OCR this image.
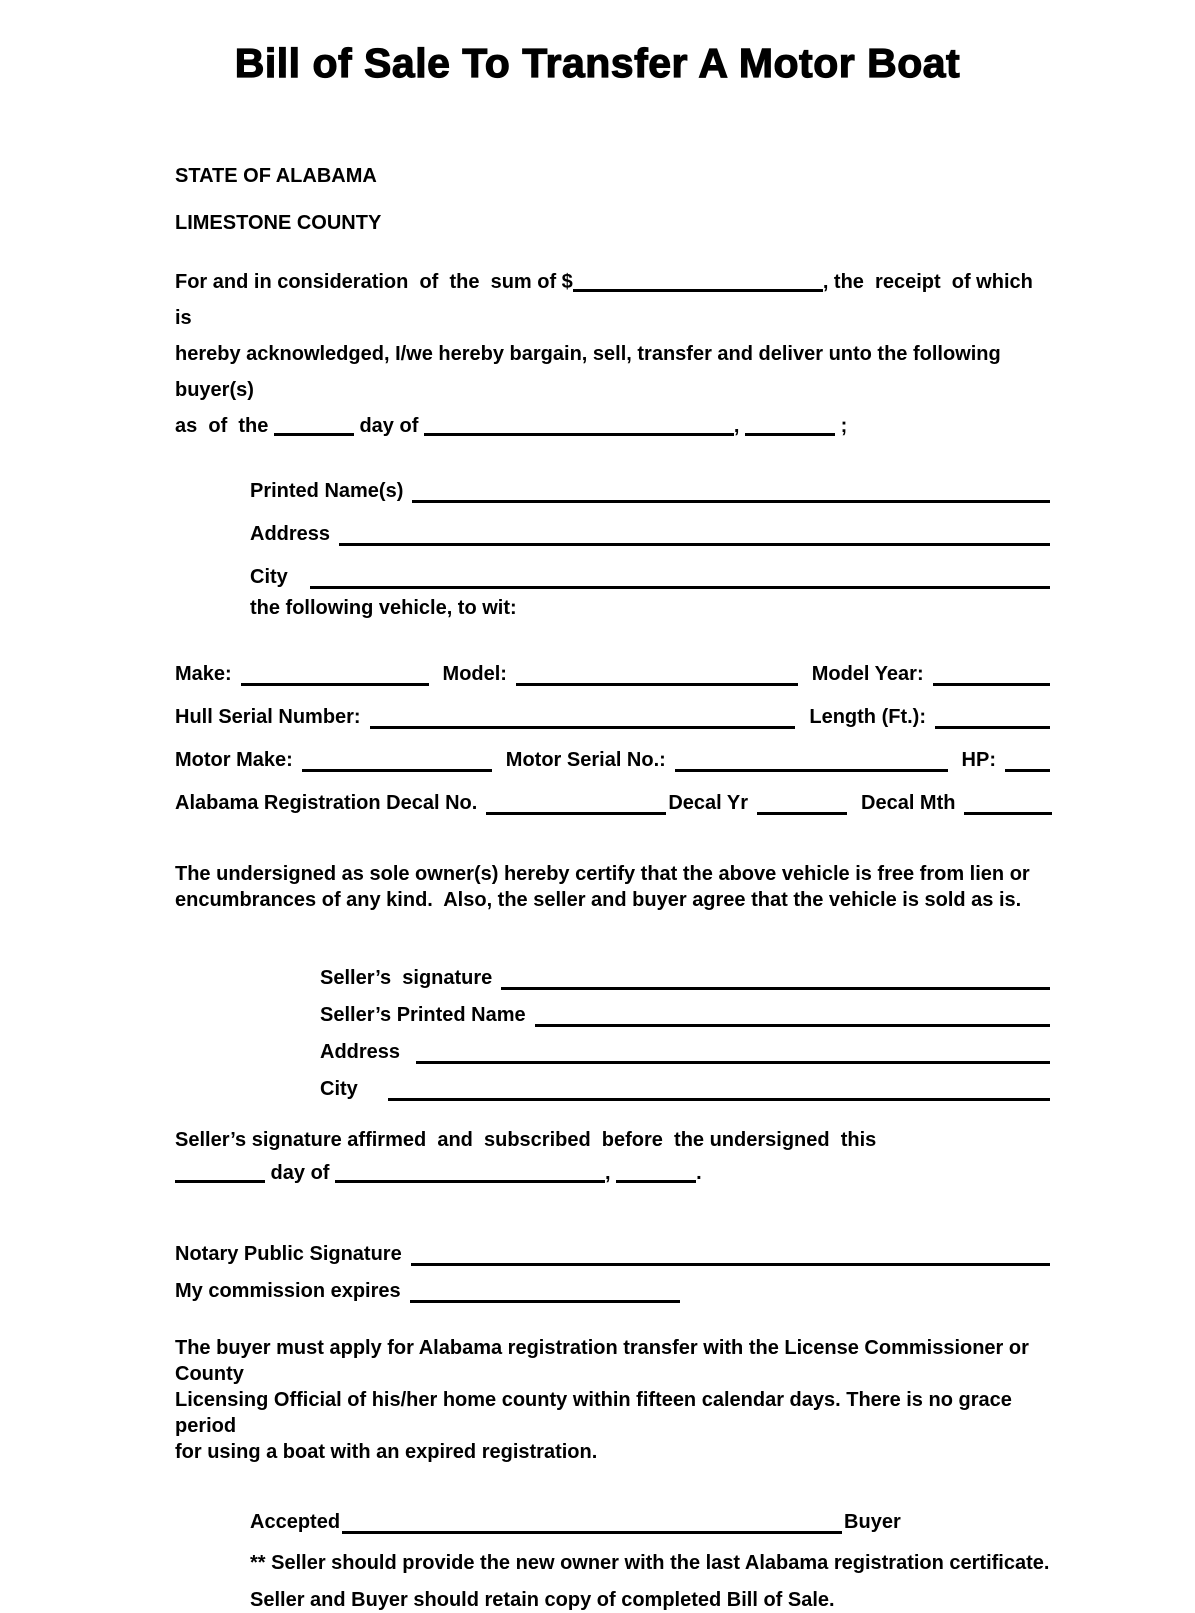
Bill of Sale To Transfer A Motor Boat
STATE OF ALABAMA
LIMESTONE COUNTY
For and in consideration  of  the  sum of $	, the  receipt  of which is
hereby acknowledged, I/we hereby bargain, sell, transfer and deliver unto the following  buyer(s)
as  of  the	day of	,	;
Printed Name(s)
Address
City
the following vehicle, to wit:
Make:	Model:	Model Year:
Hull Serial Number:	Length (Ft.):
Motor Make:	Motor Serial No.:	HP:
Alabama Registration Decal No.	Decal Yr	Decal Mth
The undersigned as sole owner(s) hereby certify that the above vehicle is free from lien or
encumbrances of any kind.  Also, the seller and buyer agree that the vehicle is sold as is.
Seller’s  signature
Seller’s Printed Name
Address
City
Seller’s signature affirmed  and  subscribed  before  the undersigned  this
day of	,	.
Notary Public Signature
My commission expires
The buyer must apply for Alabama registration transfer with the License Commissioner or County
Licensing Official of his/her home county within fifteen calendar days. There is no grace period
for using a boat with an expired registration.
Accepted	Buyer
** Seller should provide the new owner with the last Alabama registration certificate.
Seller and Buyer should retain copy of completed Bill of Sale.
